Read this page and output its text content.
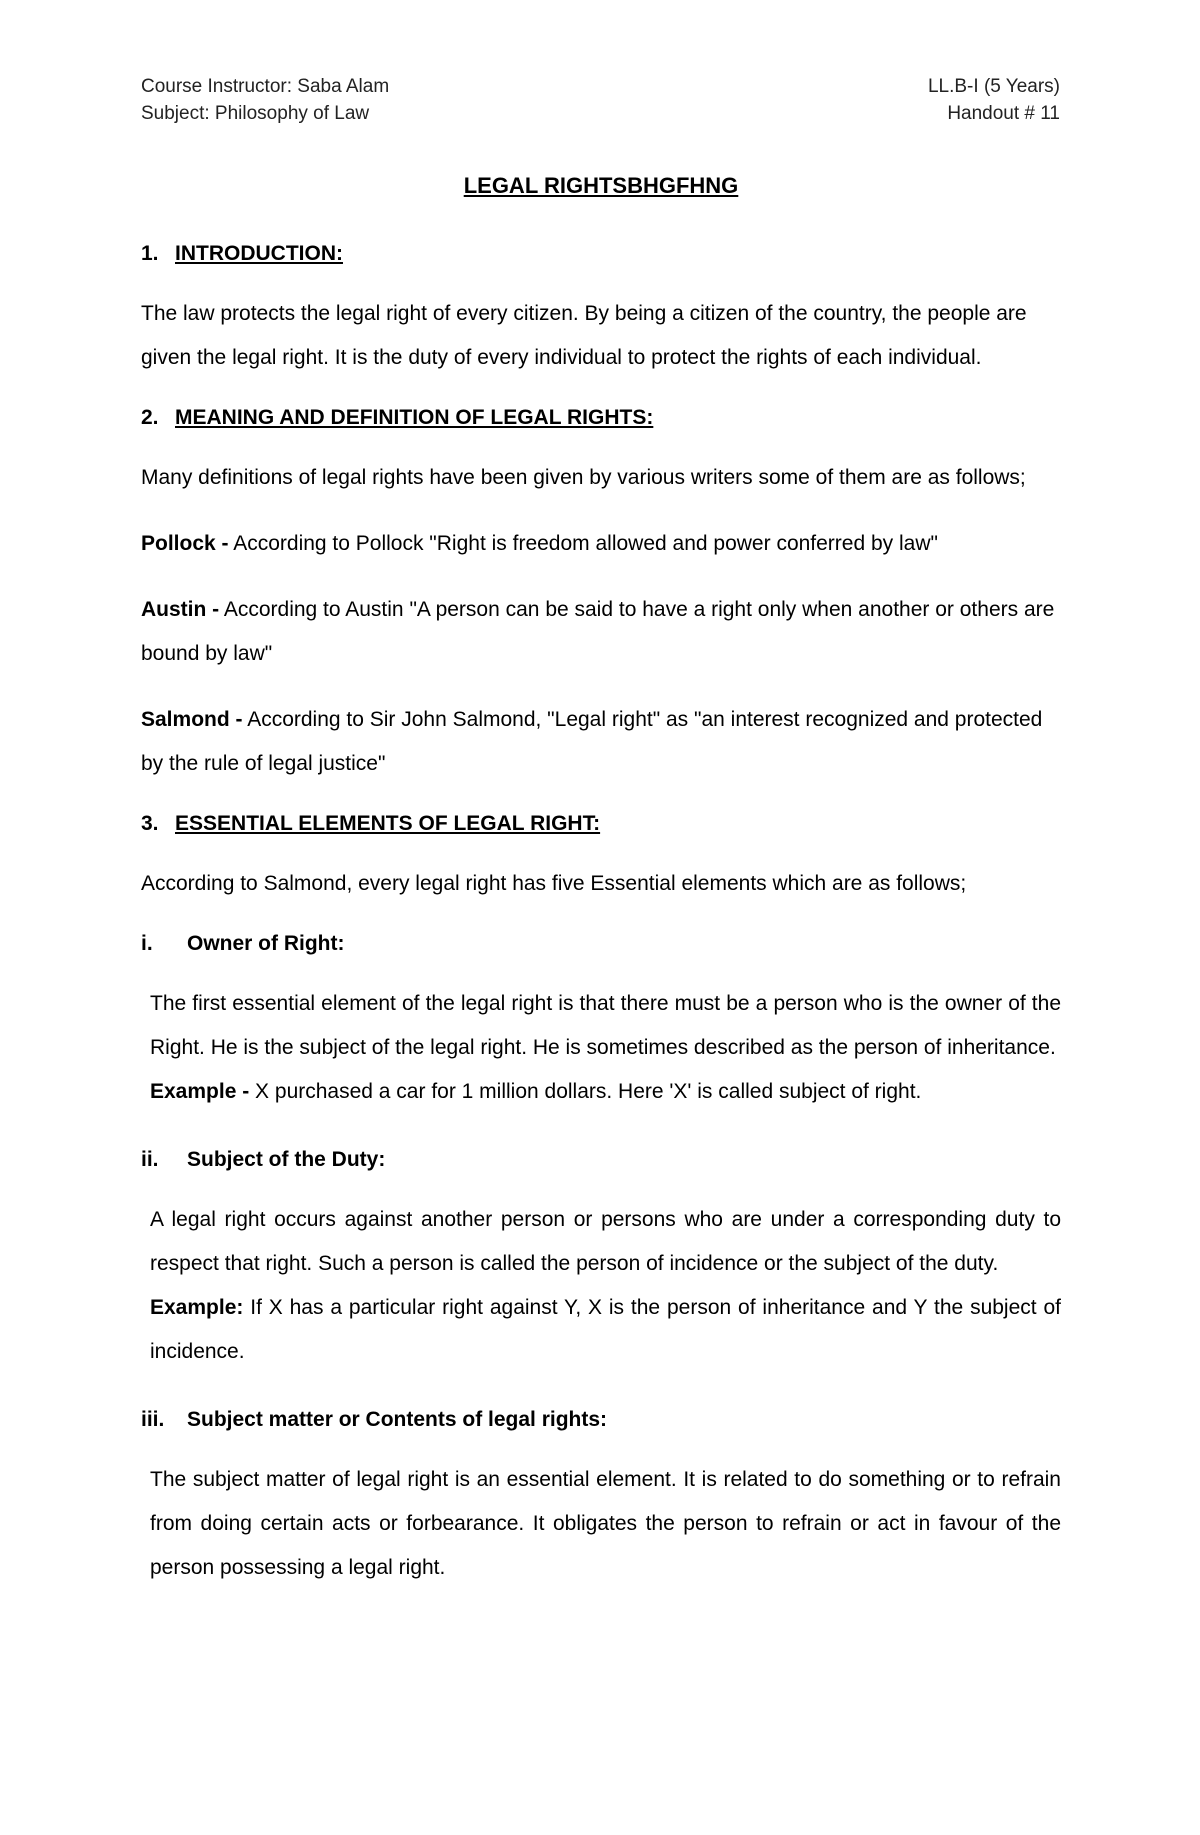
Course Instructor: Saba Alam
Subject: Philosophy of Law
LL.B-I (5 Years)
Handout # 11
LEGAL RIGHTSBHGFHNG
1. INTRODUCTION:

The law protects the legal right of every citizen. By being a citizen of the country, the people are given the legal right. It is the duty of every individual to protect the rights of each individual.

2. MEANING AND DEFINITION OF LEGAL RIGHTS:

Many definitions of legal rights have been given by various writers some of them are as follows;

Pollock - According to Pollock "Right is freedom allowed and power conferred by law"

Austin - According to Austin "A person can be said to have a right only when another or others are bound by law"

Salmond - According to Sir John Salmond, "Legal right" as "an interest recognized and protected by the rule of legal justice"

3. ESSENTIAL ELEMENTS OF LEGAL RIGHT:

According to Salmond, every legal right has five Essential elements which are as follows;

i. Owner of Right:

The first essential element of the legal right is that there must be a person who is the owner of the Right. He is the subject of the legal right. He is sometimes described as the person of inheritance.

Example - X purchased a car for 1 million dollars. Here 'X' is called subject of right.

ii. Subject of the Duty:

A legal right occurs against another person or persons who are under a corresponding duty to respect that right. Such a person is called the person of incidence or the subject of the duty.

Example: If X has a particular right against Y, X is the person of inheritance and Y the subject of incidence.

iii. Subject matter or Contents of legal rights:

The subject matter of legal right is an essential element. It is related to do something or to refrain from doing certain acts or forbearance. It obligates the person to refrain or act in favour of the person possessing a legal right.
